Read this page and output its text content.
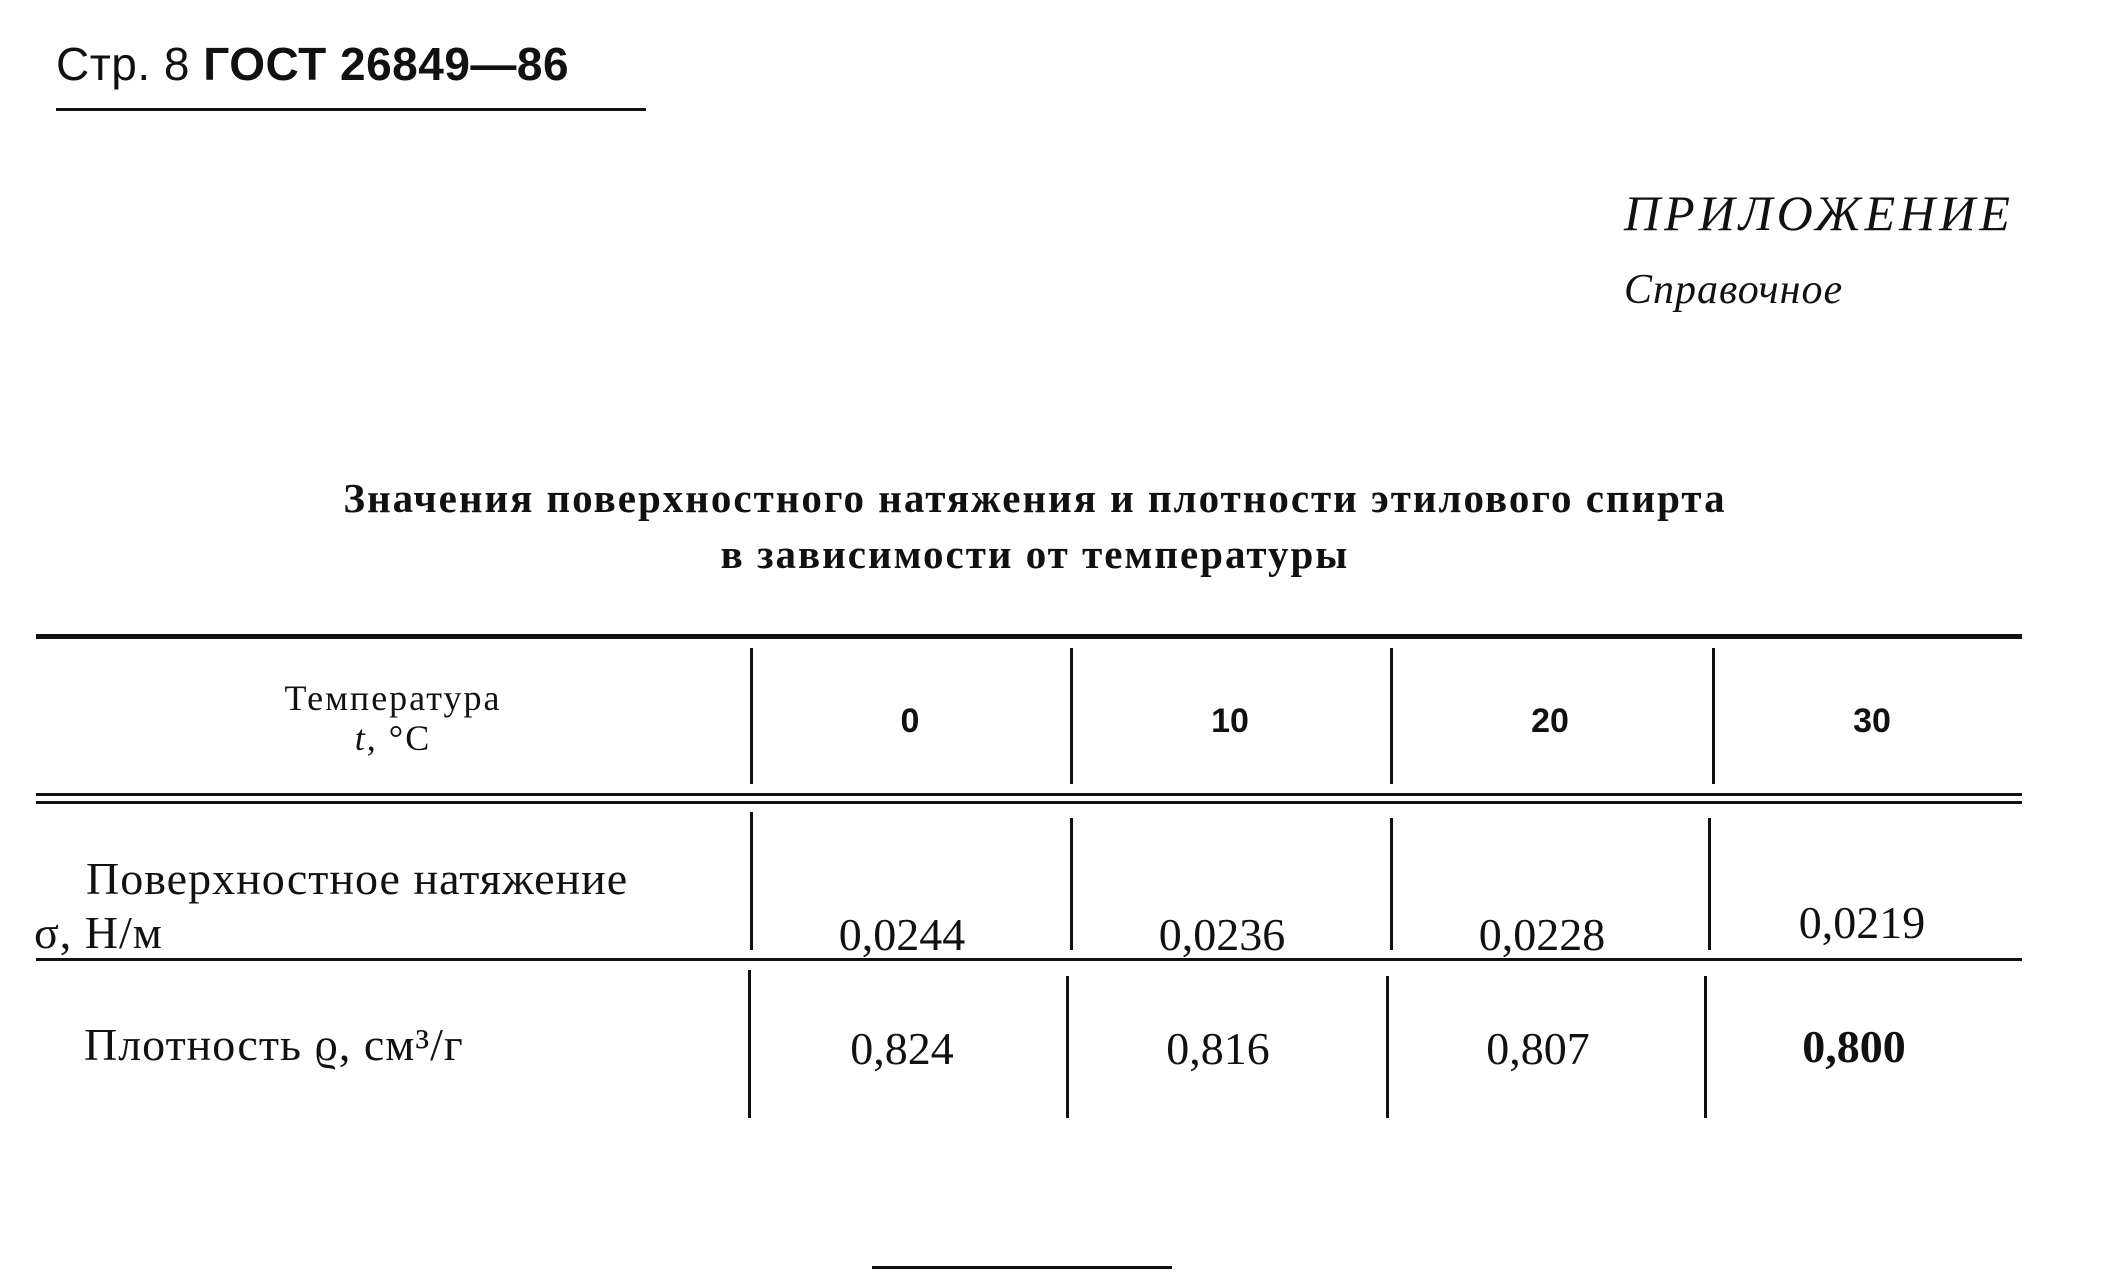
Стр. 8 ГОСТ 26849—86
ПРИЛОЖЕНИЕ
Справочное
Значения поверхностного натяжения и плотности этилового спирта
в зависимости от температуры
Температура
t, °C	0	10	20	30
Поверхностное натяжение
σ, Н/м	0,0244	0,0236	0,0228	0,0219
Плотность ϱ, см³/г	0,824	0,816	0,807	0,800
